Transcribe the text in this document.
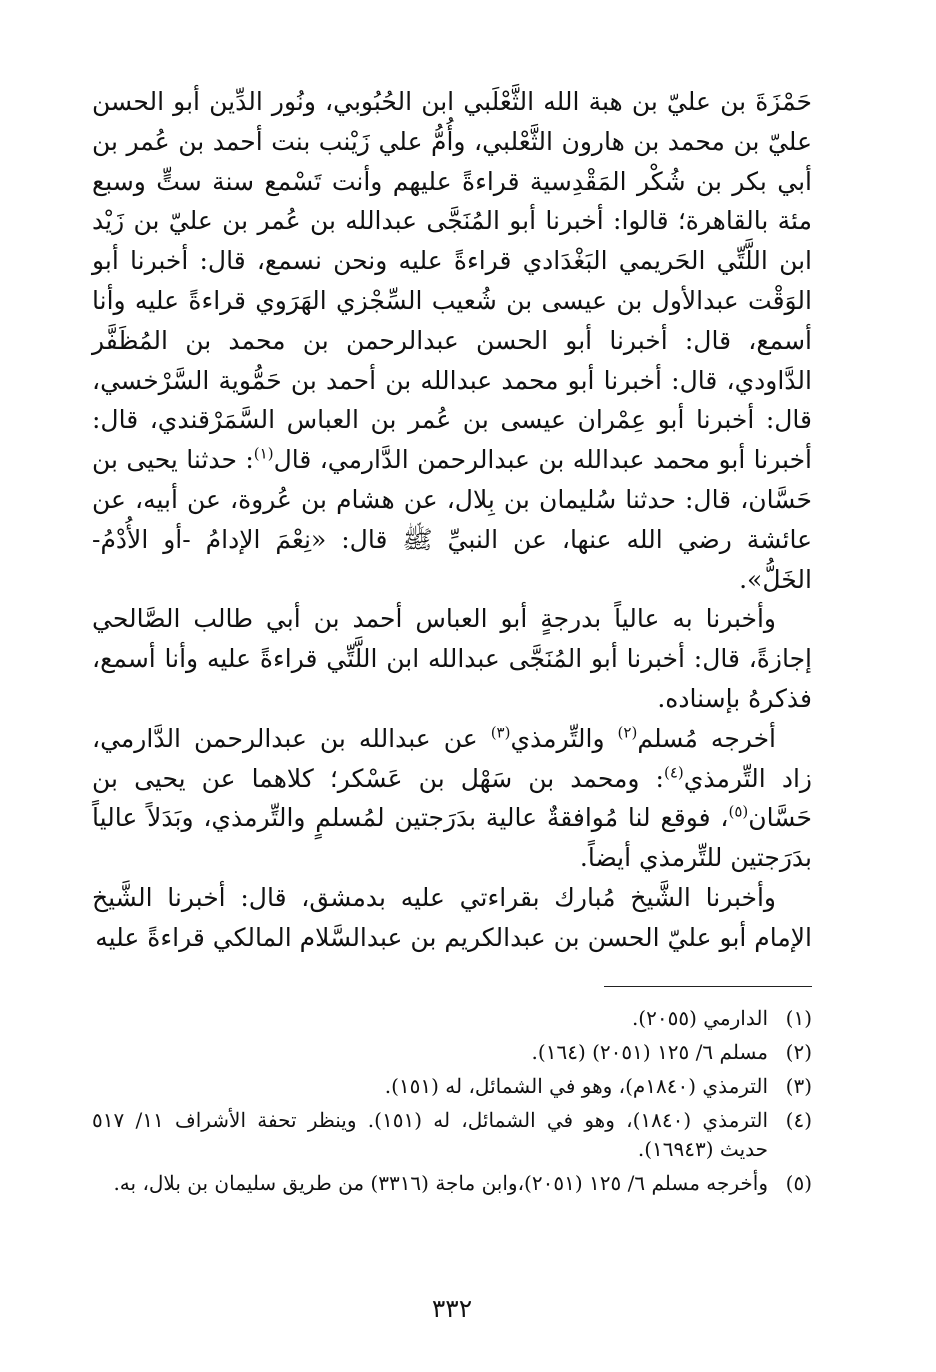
حَمْزَةَ بن عليّ بن هبة الله الثَّعْلَبي ابن الحُبُوبي، ونُور الدِّين أبو الحسن عليّ بن محمد بن هارون الثَّعْلبي، وأُمُّ علي زَيْنب بنت أحمد بن عُمر بن أبي بكر بن شُكْر المَقْدِسية قراءةً عليهم وأنت تَسْمع سنة ستٍّ وسبع مئة بالقاهرة؛ قالوا: أخبرنا أبو المُنَجَّى عبدالله بن عُمر بن عليّ بن زَيْد ابن اللَّتِّي الحَريمي البَغْدَادي قراءةً عليه ونحن نسمع، قال: أخبرنا أبو الوَقْت عبدالأول بن عيسى بن شُعيب السِّجْزي الهَرَوي قراءةً عليه وأنا أسمع، قال: أخبرنا أبو الحسن عبدالرحمن بن محمد بن المُظَفَّر الدَّاودي، قال: أخبرنا أبو محمد عبدالله بن أحمد بن حَمُّوية السَّرْخسي، قال: أخبرنا أبو عِمْران عيسى بن عُمر بن العباس السَّمَرْقندي، قال: أخبرنا أبو محمد عبدالله بن عبدالرحمن الدَّارمي، قال$^{(١)}$: حدثنا يحيى بن حَسَّان، قال: حدثنا سُليمان بن بِلال، عن هشام بن عُروة، عن أبيه، عن عائشة رضي الله عنها، عن النبيِّ ﷺ قال: «نِعْمَ الإدامُ -أو الأُدْمُ- الخَلُّ».

وأخبرنا به عالياً بدرجةٍ أبو العباس أحمد بن أبي طالب الصَّالحي إجازةً، قال: أخبرنا أبو المُنَجَّى عبدالله ابن اللَّتِّي قراءةً عليه وأنا أسمع، فذكرهُ بإسناده.

أخرجه مُسلم$^{(٢)}$ والتِّرمذي$^{(٣)}$ عن عبدالله بن عبدالرحمن الدَّارمي، زاد التِّرمذي$^{(٤)}$: ومحمد بن سَهْل بن عَسْكر؛ كلاهما عن يحيى بن حَسَّان$^{(٥)}$، فوقع لنا مُوافقةٌ عالية بدَرَجتين لمُسلمٍ والتِّرمذي، وبَدَلاً عالياً بدَرَجتين للتِّرمذي أيضاً.

وأخبرنا الشَّيخ مُبارك بقراءتي عليه بدمشق، قال: أخبرنا الشَّيخ الإمام أبو عليّ الحسن بن عبدالكريم بن عبدالسَّلام المالكي قراءةً عليه

(١)
الدارمي (٢٠٥٥).
(٢)
مسلم ٦/ ١٢٥ (٢٠٥١) (١٦٤).
(٣)
الترمذي (١٨٤٠م)، وهو في الشمائل، له (١٥١).
(٤)
الترمذي (١٨٤٠)، وهو في الشمائل، له (١٥١). وينظر تحفة الأشراف ١١/ ٥١٧ حديث (١٦٩٤٣).
(٥)
وأخرجه مسلم ٦/ ١٢٥ (٢٠٥١)،وابن ماجة (٣٣١٦) من طريق سليمان بن بلال، به.
٣٣٢
